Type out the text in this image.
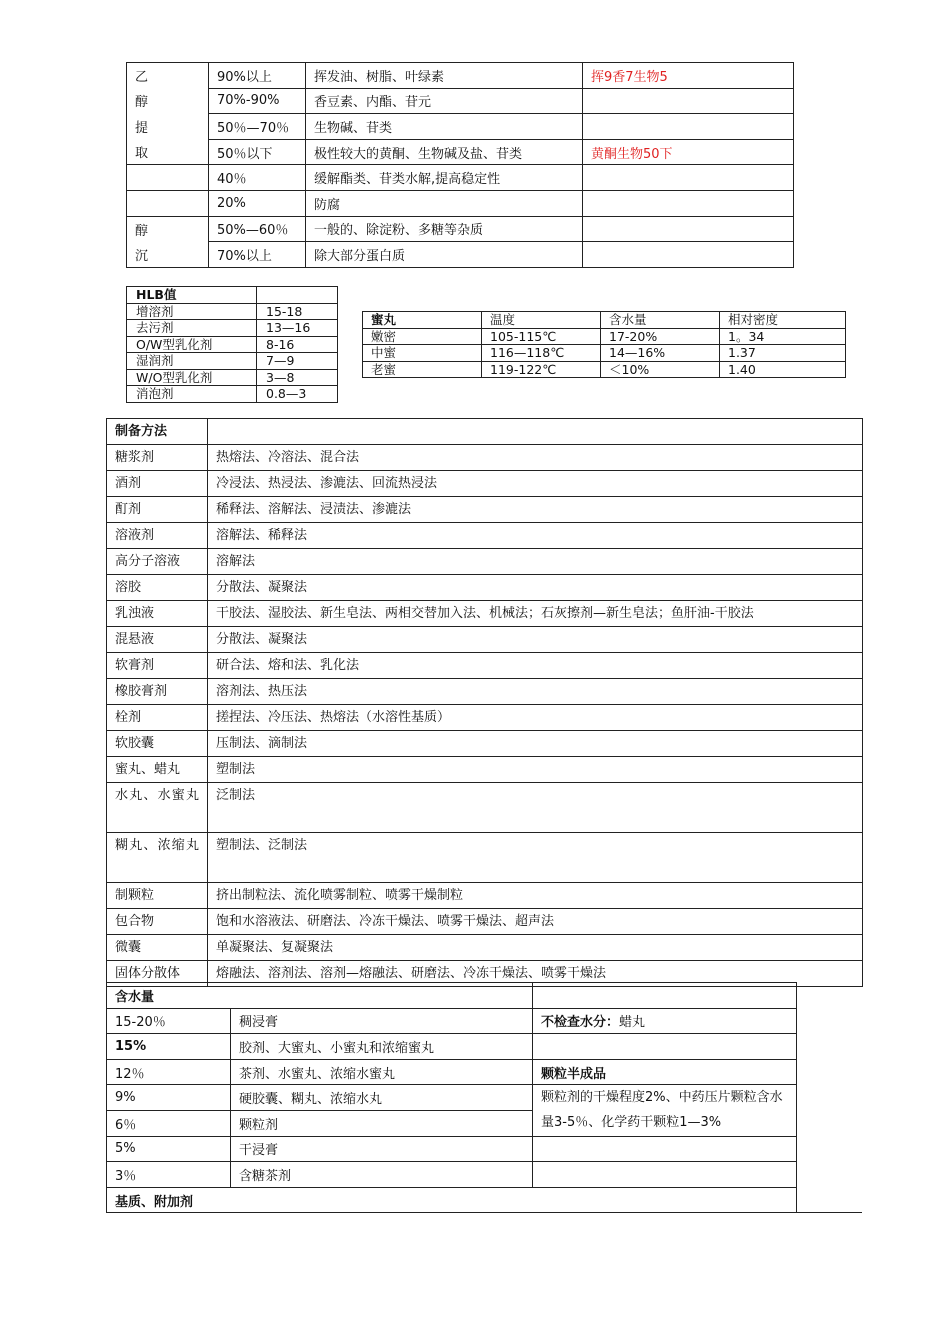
乙	90%以上	挥发油、树脂、叶绿素	挥9香7生物5
醇	70%-90%	香豆素、内酯、苷元	
提	50％—70％	生物碱、苷类	
取	50％以下	极性较大的黄酮、生物碱及盐、苷类	黄酮生物50下
	40％	缓解酯类、苷类水解,提高稳定性	
	20%	防腐	
醇	50%—60％	一般的、除淀粉、多糖等杂质	
沉	70%以上	除大部分蛋白质	
HLB值	
增溶剂	15-18
去污剂	13—16
O/W型乳化剂	8-16
湿润剂	7—9
W/O型乳化剂	3—8
消泡剂	0.8—3
蜜丸	温度	含水量	相对密度
嫩密	105-115℃	17-20%	1。34
中蜜	116—118℃	14—16%	1.37
老蜜	119-122℃	＜10%	1.40
制备方法	
糖浆剂	热熔法、冷溶法、混合法
酒剂	冷浸法、热浸法、渗漉法、回流热浸法
酊剂	稀释法、溶解法、浸渍法、渗漉法
溶液剂	溶解法、稀释法
高分子溶液	溶解法
溶胶	分散法、凝聚法
乳浊液	干胶法、湿胶法、新生皂法、两相交替加入法、机械法；石灰擦剂—新生皂法；鱼肝油-干胶法
混悬液	分散法、凝聚法
软膏剂	研合法、熔和法、乳化法
橡胶膏剂	溶剂法、热压法
栓剂	搓捏法、冷压法、热熔法（水溶性基质）
软胶囊	压制法、滴制法
蜜丸、蜡丸	塑制法
水丸、水蜜丸	泛制法
糊丸、浓缩丸	塑制法、泛制法
制颗粒	挤出制粒法、流化喷雾制粒、喷雾干燥制粒
包合物	饱和水溶液法、研磨法、冷冻干燥法、喷雾干燥法、超声法
微囊	单凝聚法、复凝聚法
固体分散体	熔融法、溶剂法、溶剂—熔融法、研磨法、冷冻干燥法、喷雾干燥法
含水量		
15-20％	稠浸膏	不检查水分：蜡丸
15%	胶剂、大蜜丸、小蜜丸和浓缩蜜丸	
12％	茶剂、水蜜丸、浓缩水蜜丸	颗粒半成品
9%	硬胶囊、糊丸、浓缩水丸	颗粒剂的干燥程度2%、中药压片颗粒含水量3-5％、化学药干颗粒1—3%
6％	颗粒剂	
5%	干浸膏	
3％	含糖茶剂	
基质、附加剂		
